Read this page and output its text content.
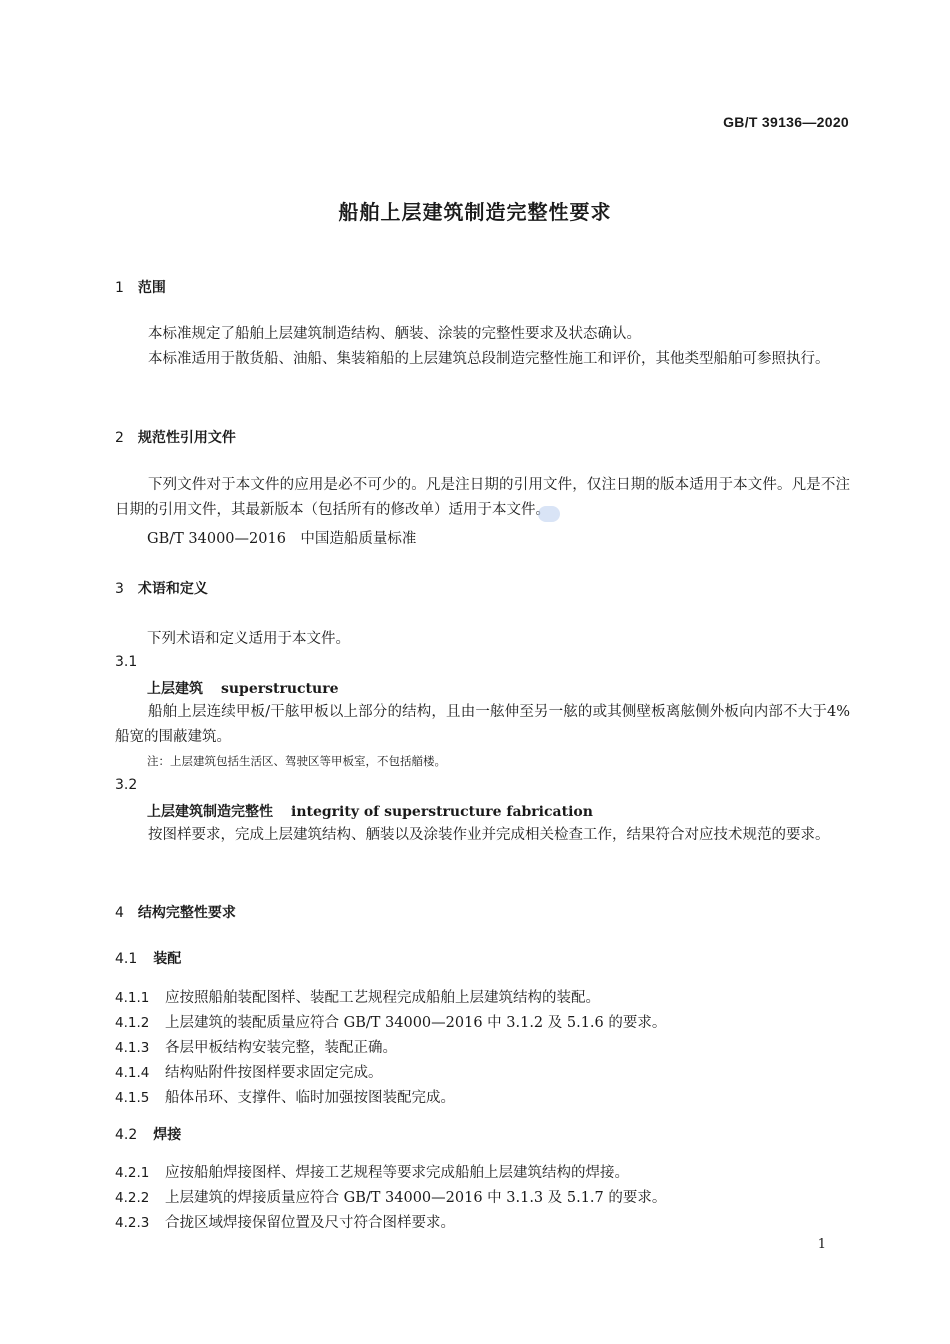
GB/T 39136—2020
船舶上层建筑制造完整性要求
1 范围
本标准规定了船舶上层建筑制造结构、舾装、涂装的完整性要求及状态确认。
本标准适用于散货船、油船、集装箱船的上层建筑总段制造完整性施工和评价，其他类型船舶可参照执行。
2 规范性引用文件
下列文件对于本文件的应用是必不可少的。凡是注日期的引用文件，仅注日期的版本适用于本文件。凡是不注日期的引用文件，其最新版本（包括所有的修改单）适用于本文件。
GB/T 34000—2016　中国造船质量标准
3 术语和定义
下列术语和定义适用于本文件。
3.1
上层建筑 superstructure
船舶上层连续甲板/干舷甲板以上部分的结构，且由一舷伸至另一舷的或其侧壁板离舷侧外板向内部不大于4%船宽的围蔽建筑。
注：上层建筑包括生活区、驾驶区等甲板室，不包括艏楼。
3.2
上层建筑制造完整性 integrity of superstructure fabrication
按图样要求，完成上层建筑结构、舾装以及涂装作业并完成相关检查工作，结果符合对应技术规范的要求。
4 结构完整性要求
4.1 装配
4.1.1 应按照船舶装配图样、装配工艺规程完成船舶上层建筑结构的装配。
4.1.2 上层建筑的装配质量应符合 GB/T 34000—2016 中 3.1.2 及 5.1.6 的要求。
4.1.3 各层甲板结构安装完整，装配正确。
4.1.4 结构贴附件按图样要求固定完成。
4.1.5 船体吊环、支撑件、临时加强按图装配完成。
4.2 焊接
4.2.1 应按船舶焊接图样、焊接工艺规程等要求完成船舶上层建筑结构的焊接。
4.2.2 上层建筑的焊接质量应符合 GB/T 34000—2016 中 3.1.3 及 5.1.7 的要求。
4.2.3 合拢区域焊接保留位置及尺寸符合图样要求。
1
